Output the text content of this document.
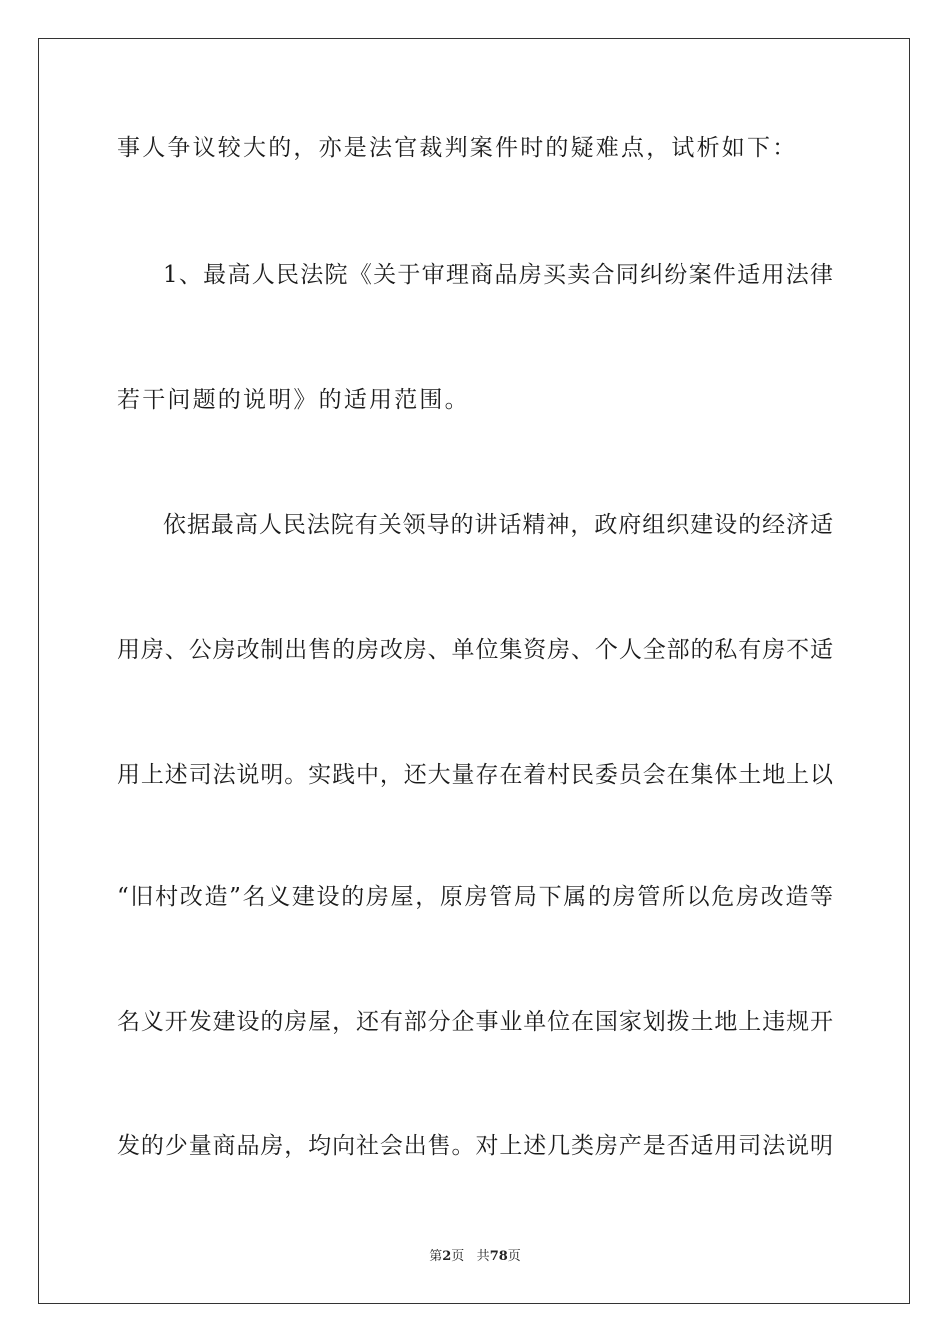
事人争议较大的，亦是法官裁判案件时的疑难点，试析如下：
1、最高人民法院《关于审理商品房买卖合同纠纷案件适用法律
若干问题的说明》的适用范围。
依据最高人民法院有关领导的讲话精神，政府组织建设的经济适
用房、公房改制出售的房改房、单位集资房、个人全部的私有房不适
用上述司法说明。实践中，还大量存在着村民委员会在集体土地上以
“旧村改造”名义建设的房屋，原房管局下属的房管所以危房改造等
名义开发建设的房屋，还有部分企事业单位在国家划拨土地上违规开
发的少量商品房，均向社会出售。对上述几类房产是否适用司法说明
第2页 共78页
